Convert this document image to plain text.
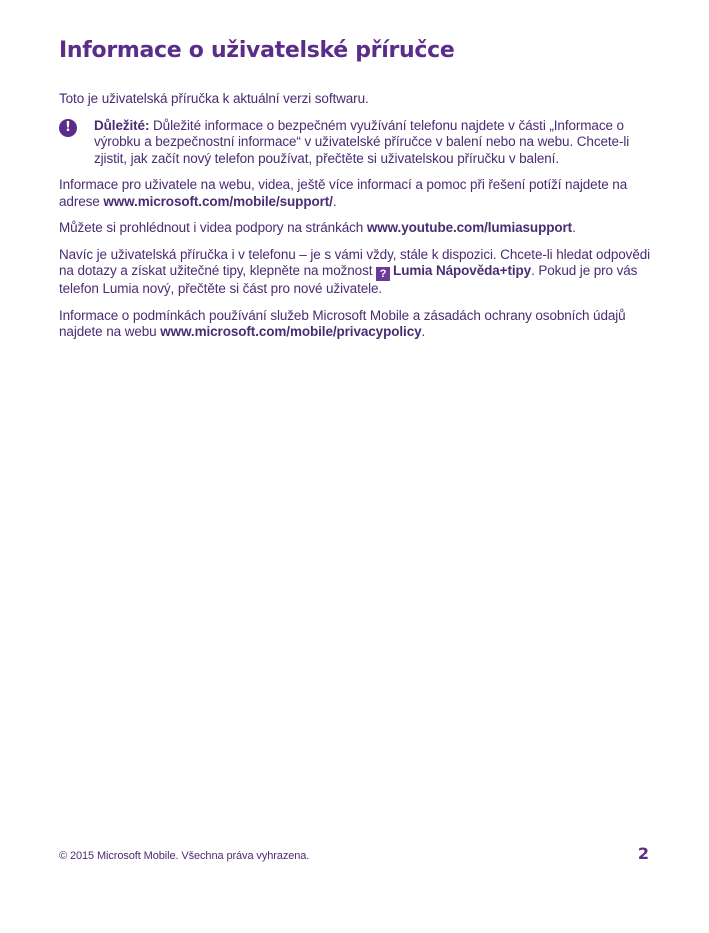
Informace o uživatelské příručce

Toto je uživatelská příručka k aktuální verzi softwaru.

!	Důležité: Důležité informace o bezpečném využívání telefonu najdete v části „Informace o výrobku a bezpečnostní informace“ v uživatelské příručce v balení nebo na webu. Chcete-li zjistit, jak začít nový telefon používat, přečtěte si uživatelskou příručku v balení.

Informace pro uživatele na webu, videa, ještě více informací a pomoc při řešení potíží najdete na adrese www.microsoft.com/mobile/support/.

Můžete si prohlédnout i videa podpory na stránkách www.youtube.com/lumiasupport.

Navíc je uživatelská příručka i v telefonu – je s vámi vždy, stále k dispozici. Chcete-li hledat odpovědi na dotazy a získat užitečné tipy, klepněte na možnost ? Lumia Nápověda+tipy. Pokud je pro vás telefon Lumia nový, přečtěte si část pro nové uživatele.

Informace o podmínkách používání služeb Microsoft Mobile a zásadách ochrany osobních údajů najdete na webu www.microsoft.com/mobile/privacypolicy.

© 2015 Microsoft Mobile. Všechna práva vyhrazena.	2
